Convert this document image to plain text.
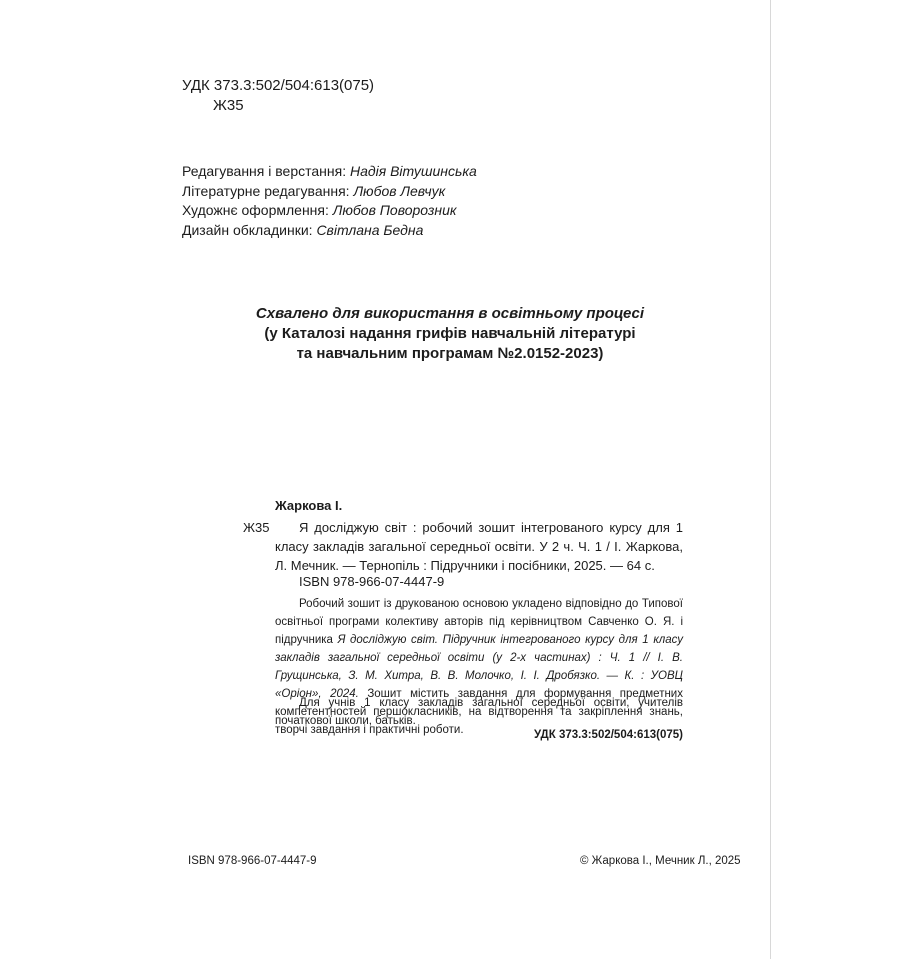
УДК 373.3:502/504:613(075)
Ж35
Редагування і верстання: Надія Вітушинська
Літературне редагування: Любов Левчук
Художнє оформлення: Любов Поворозник
Дизайн обкладинки: Світлана Бедна
Схвалено для використання в освітньому процесі
(у Каталозі надання грифів навчальній літературі
та навчальним програмам №2.0152-2023)
Жаркова І.
Ж35	Я досліджую світ : робочий зошит інтегрованого курсу для 1 класу закладів загальної середньої освіти. У 2 ч. Ч. 1 / І. Жаркова, Л. Мечник. — Тернопіль : Підручники і посібники, 2025. — 64 с.

ISBN 978-966-07-4447-9

Робочий зошит із друкованою основою укладено відповідно до Типової освітньої програми колективу авторів під керівництвом Савченко О. Я. і підручника Я досліджую світ. Підручник інтегрованого курсу для 1 класу закладів загальної середньої освіти (у 2-х частинах) : Ч. 1 // І. В. Грущинська, З. М. Хитра, В. В. Молочко, І. І. Дробязко. — К. : УОВЦ «Оріон», 2024. Зошит містить завдання для формування предметних компетентностей першокласників, на відтворення та закріплення знань, творчі завдання і практичні роботи.

Для учнів 1 класу закладів загальної середньої освіти, учителів початкової школи, батьків.

УДК 373.3:502/504:613(075)
ISBN 978-966-07-4447-9	© Жаркова І., Мечник Л., 2025
